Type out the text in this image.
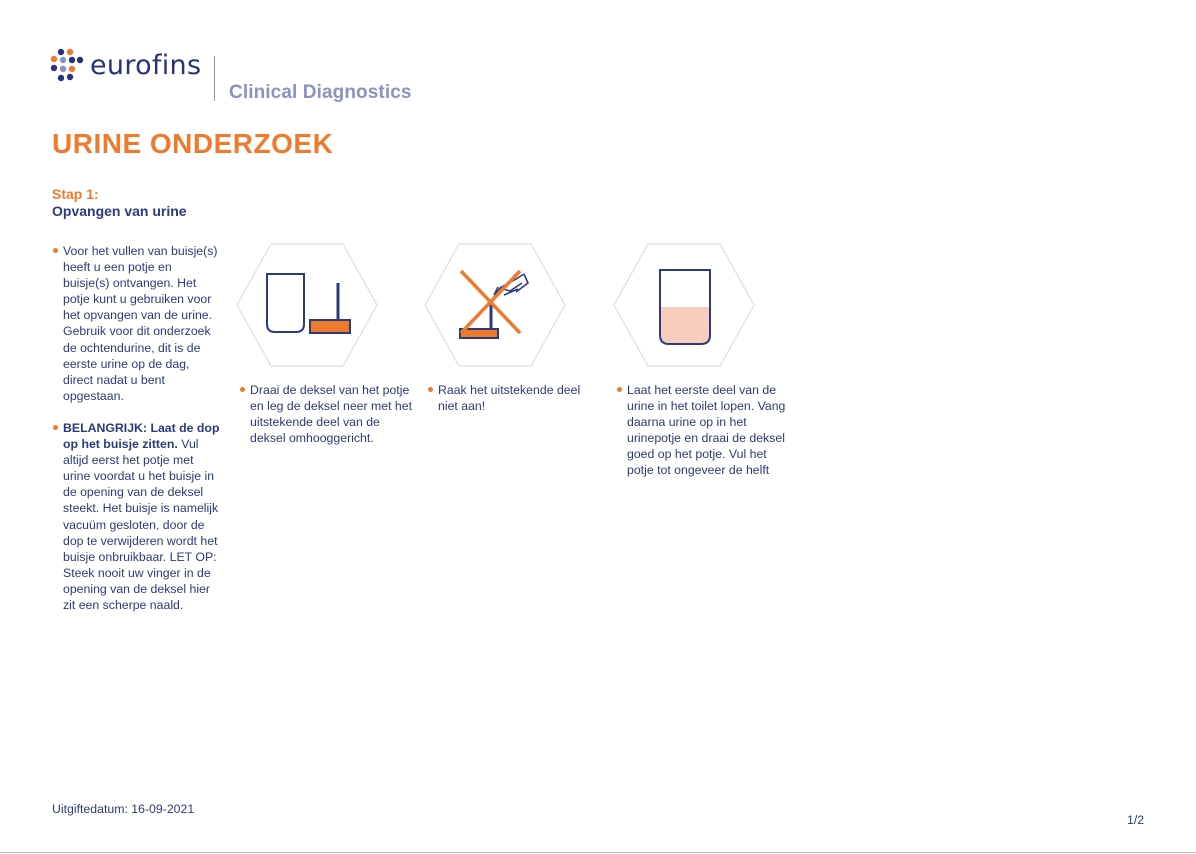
eurofins
Clinical Diagnostics
URINE ONDERZOEK
Stap 1:
Opvangen van urine
Voor het vullen van buisje(s) heeft u een potje en buisje(s) ontvangen. Het potje kunt u gebruiken voor het opvangen van de urine. Gebruik voor dit onderzoek de ochtendurine, dit is de eerste urine op de dag, direct nadat u bent opgestaan.
BELANGRIJK: Laat de dop op het buisje zitten. Vul altijd eerst het potje met urine voordat u het buisje in de opening van de deksel steekt. Het buisje is namelijk vacuüm gesloten, door de dop te verwijderen wordt het buisje onbruikbaar. LET OP: Steek nooit uw vinger in de opening van de deksel hier zit een scherpe naald.
Draai de deksel van het potje en leg de deksel neer met het uitstekende deel van de deksel omhooggericht.
Raak het uitstekende deel niet aan!
Laat het eerste deel van de urine in het toilet lopen. Vang daarna urine op in het urinepotje en draai de deksel goed op het potje. Vul het potje tot ongeveer de helft
Uitgiftedatum: 16-09-2021
1/2
